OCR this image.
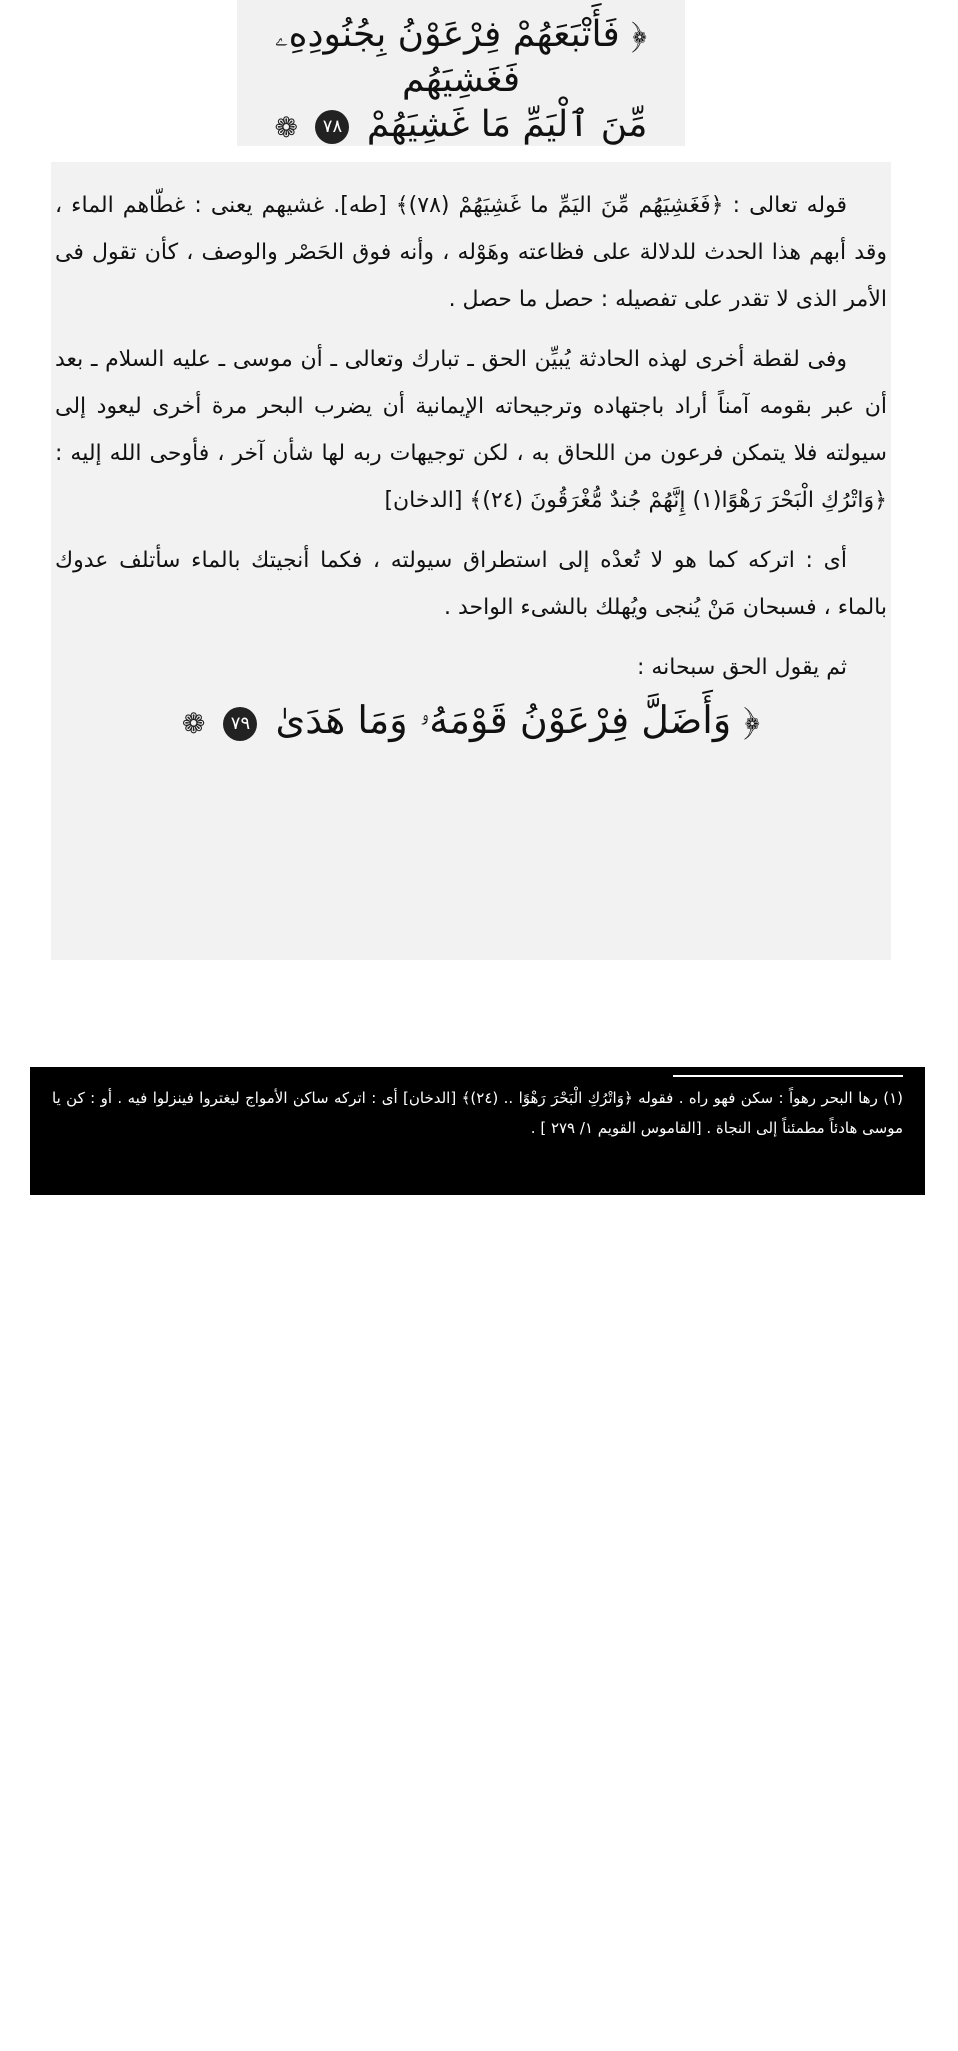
﴿ فَأَتْبَعَهُمْ فِرْعَوْنُ بِجُنُودِهِۦ فَغَشِيَهُم
مِّنَ ٱلْيَمِّ مَا غَشِيَهُمْ ٧٨ ❁

قوله تعالى : ﴿فَغَشِيَهُم مِّنَ اليَمِّ ما غَشِيَهُمْ (٧٨)﴾ [طه]. غشيهم يعنى : غطّاهم الماء ، وقد أبهم هذا الحدث للدلالة على فظاعته وهَوْله ، وأنه فوق الحَصْر والوصف ، كأن تقول فى الأمر الذى لا تقدر على تفصيله : حصل ما حصل .

وفى لقطة أخرى لهذه الحادثة يُبيِّن الحق ـ تبارك وتعالى ـ أن موسى ـ عليه السلام ـ بعد أن عبر بقومه آمناً أراد باجتهاده وترجيحاته الإيمانية أن يضرب البحر مرة أخرى ليعود إلى سيولته فلا يتمكن فرعون من اللحاق به ، لكن توجيهات ربه لها شأن آخر ، فأوحى الله إليه : ﴿وَاتْرُكِ الْبَحْرَ رَهْوًا(١) إِنَّهُمْ جُندٌ مُّغْرَقُونَ (٢٤)﴾ [الدخان]

أى : اتركه كما هو لا تُعدْه إلى استطراق سيولته ، فكما أنجيتك بالماء سأتلف عدوك بالماء ، فسبحان مَنْ يُنجى ويُهلك بالشىء الواحد .

ثم يقول الحق سبحانه :

﴿ وَأَضَلَّ فِرْعَوْنُ قَوْمَهُۥ وَمَا هَدَىٰ ٧٩ ❁
(١) رها البحر رهواً : سكن فهو راه . فقوله ﴿وَاتْرُكِ الْبَحْرَ رَهْوًا .. (٢٤)﴾ [الدخان] أى : اتركه ساكن الأمواج ليغتروا فينزلوا فيه . أو : كن يا موسى هادئاً مطمئناً إلى النجاة . [القاموس القويم ١/ ٢٧٩ ] .
